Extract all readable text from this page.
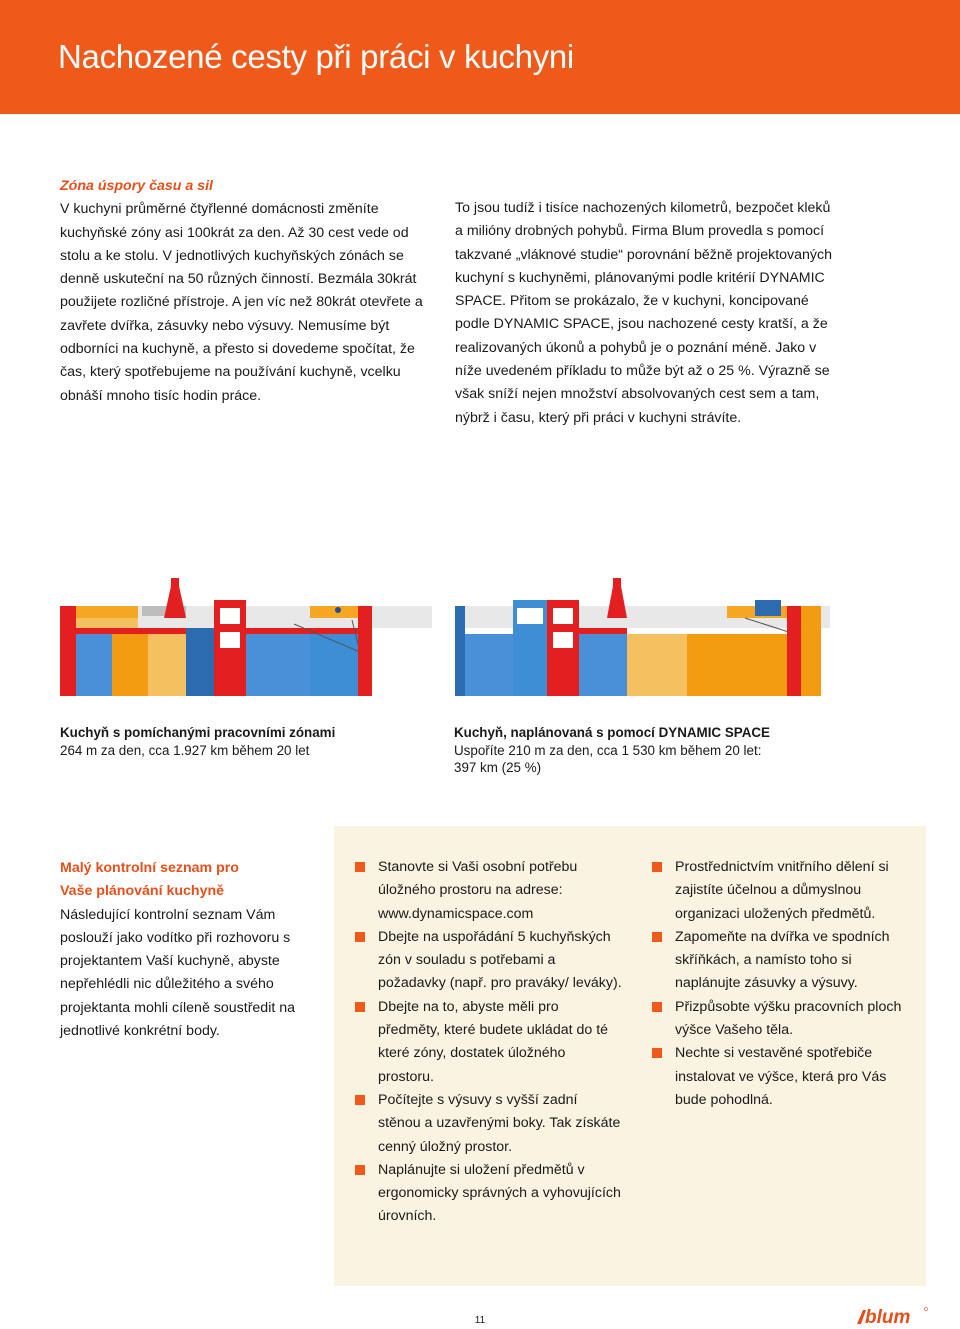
Nachozené cesty při práci v kuchyni

Zóna úspory času a sil

V kuchyni průměrné čtyřlenné domácnosti změníte kuchyňské zóny asi 100krát za den. Až 30 cest vede od stolu a ke stolu. V jednotlivých kuchyňských zónách se denně uskuteční na 50 různých činností. Bezmála 30krát použijete rozličné přístroje. A jen víc než 80krát otevřete a zavřete dvířka, zásuvky nebo výsuvy. Nemusíme být odborníci na kuchyně, a přesto si dovedeme spočítat, že čas, který spotřebujeme na používání kuchyně, vcelku obnáší mnoho tisíc hodin práce.

To jsou tudíž i tisíce nachozených kilometrů, bezpočet kleků a milióny drobných pohybů. Firma Blum provedla s pomocí takzvané „vláknové studie“ porovnání běžně projektovaných kuchyní s kuchyněmi, plánovanými podle kritérií DYNAMIC SPACE. Přitom se prokázalo, že v kuchyni, koncipované podle DYNAMIC SPACE, jsou nachozené cesty kratší, a že realizovaných úkonů a pohybů je o poznání méně. Jako v níže uvedeném příkladu to může být až o 25 %. Výrazně se však sníží nejen množství absolvovaných cest sem a tam, nýbrž i času, který při práci v kuchyni strávíte.

Kuchyň s pomíchanými pracovními zónami
264 m za den, cca 1.927 km během 20 let
Kuchyň, naplánovaná s pomocí DYNAMIC SPACE
Uspoříte 210 m za den, cca 1 530 km během 20 let:
397 km (25 %)

Malý kontrolní seznam pro

Vaše plánování kuchyně

Následující kontrolní seznam Vám poslouží jako vodítko při rozhovoru s projektantem Vaší kuchyně, abyste nepřehlédli nic důležitého a svého projektanta mohli cíleně soustředit na jednotlivé konkrétní body.

Stanovte si Vaši osobní potřebu úložného prostoru na adrese: www.dynamicspace.com
Dbejte na uspořádání 5 kuchyňských zón v souladu s potřebami a požadavky (např. pro praváky/ leváky).
Dbejte na to, abyste měli pro předměty, které budete ukládat do té které zóny, dostatek úložného prostoru.
Počítejte s výsuvy s vyšší zadní stěnou a uzavřenými boky. Tak získáte cenný úložný prostor.
Naplánujte si uložení předmětů v ergonomicky správných a vyhovujících úrovních.
Prostřednictvím vnitřního dělení si zajistíte účelnou a důmyslnou organizaci uložených předmětů.
Zapomeňte na dvířka ve spodních skříňkách, a namísto toho si naplánujte zásuvky a výsuvy.
Přizpůsobte výšku pracovních ploch výšce Vašeho těla.
Nechte si vestavěné spotřebiče instalovat ve výšce, která pro Vás bude pohodlná.
11	blum
